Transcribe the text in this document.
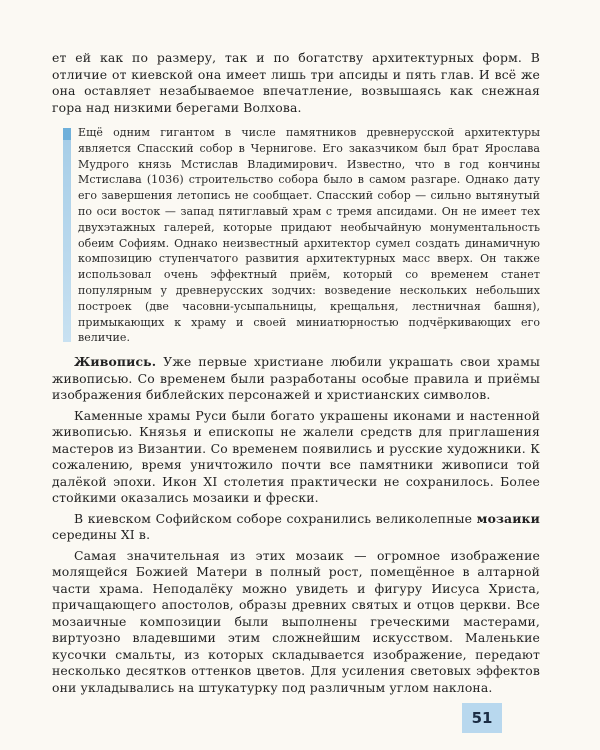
ет ей как по размеру, так и по богатству архитектурных форм. В отличие от киевской она имеет лишь три апсиды и пять глав. И всё же она оставляет незабываемое впечатление, возвышаясь как снежная гора над низкими берегами Волхова.

Ещё одним гигантом в числе памятников древнерусской архитектуры является Спасский собор в Чернигове. Его заказчиком был брат Ярослава Мудрого князь Мстислав Владимирович. Известно, что в год кончины Мстислава (1036) строительство собора было в самом разгаре. Однако дату его завершения летопись не сообщает. Спасский собор — сильно вытянутый по оси восток — запад пятиглавый храм с тремя апсидами. Он не имеет тех двухэтажных галерей, которые придают необычайную монументальность обеим Софиям. Однако неизвестный архитектор сумел создать динамичную композицию ступенчатого развития архитектурных масс вверх. Он также использовал очень эффектный приём, который со временем станет популярным у древнерусских зодчих: возведение нескольких небольших построек (две часовни-усыпальницы, крещальня, лестничная башня), примыкающих к храму и своей миниатюрностью подчёркивающих его величие.

Живопись. Уже первые христиане любили украшать свои храмы живописью. Со временем были разработаны особые правила и приёмы изображения библейских персонажей и христианских символов.

Каменные храмы Руси были богато украшены иконами и настенной живописью. Князья и епископы не жалели средств для приглашения мастеров из Византии. Со временем появились и русские художники. К сожалению, время уничтожило почти все памятники живописи той далёкой эпохи. Икон XI столетия практически не сохранилось. Более стойкими оказались мозаики и фрески.

В киевском Софийском соборе сохранились великолепные мозаики середины XI в.

Самая значительная из этих мозаик — огромное изображение молящейся Божией Матери в полный рост, помещённое в алтарной части храма. Неподалёку можно увидеть и фигуру Иисуса Христа, причащающего апостолов, образы древних святых и отцов церкви. Все мозаичные композиции были выполнены греческими мастерами, виртуозно владевшими этим сложнейшим искусством. Маленькие кусочки смальты, из которых складывается изображение, передают несколько десятков оттенков цветов. Для усиления световых эффектов они укладывались на штукатурку под различным углом наклона.

51
